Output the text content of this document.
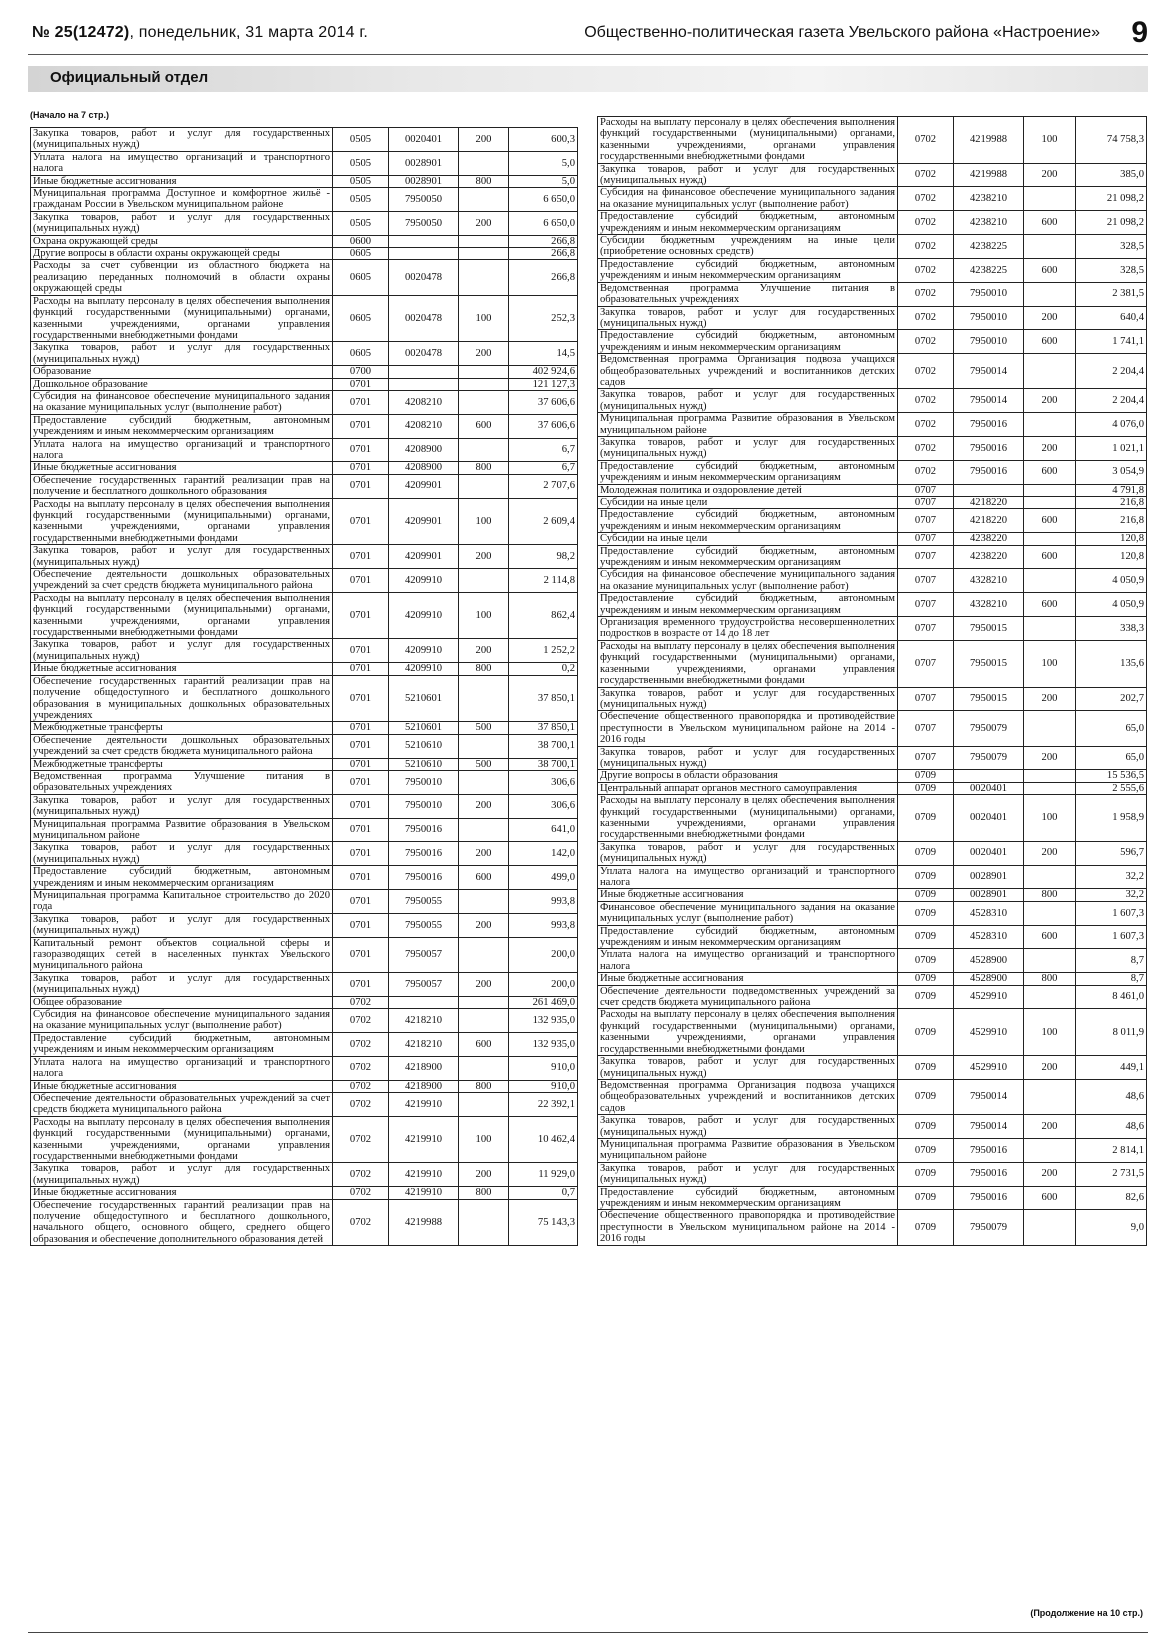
№ 25(12472), понедельник, 31 марта 2014 г.	Общественно-политическая газета Увельского района «Настроение» 9
Официальный отдел
(Начало на 7 стр.)
Закупка товаров, работ и услуг для государственных (муниципальных нужд)	0505	0020401	200	600,3
Уплата налога на имущество организаций и транспортного налога	0505	0028901		5,0
Иные бюджетные ассигнования	0505	0028901	800	5,0
Муниципальная программа Доступное и комфортное жильё - гражданам России в Увельском муниципальном районе	0505	7950050		6 650,0
Закупка товаров, работ и услуг для государственных (муниципальных нужд)	0505	7950050	200	6 650,0
Охрана окружающей среды	0600			266,8
Другие вопросы в области охраны окружающей среды	0605			266,8
Расходы за счет субвенции из областного бюджета на реализацию переданных полномочий в области охраны окружающей среды	0605	0020478		266,8
Расходы на выплату персоналу в целях обеспечения выполнения функций государственными (муниципальными) органами, казенными учреждениями, органами управления государственными внебюджетными фондами	0605	0020478	100	252,3
Закупка товаров, работ и услуг для государственных (муниципальных нужд)	0605	0020478	200	14,5
Образование	0700			402 924,6
Дошкольное образование	0701			121 127,3
Субсидия на финансовое обеспечение муниципального задания на оказание муниципальных услуг (выполнение работ)	0701	4208210		37 606,6
Предоставление субсидий бюджетным, автономным учреждениям и иным некоммерческим организациям	0701	4208210	600	37 606,6
Уплата налога на имущество организаций и транспортного налога	0701	4208900		6,7
Иные бюджетные ассигнования	0701	4208900	800	6,7
Обеспечение государственных гарантий реализации прав на получение и бесплатного дошкольного образования	0701	4209901		2 707,6
Расходы на выплату персоналу в целях обеспечения выполнения функций государственными (муниципальными) органами, казенными учреждениями, органами управления государственными внебюджетными фондами	0701	4209901	100	2 609,4
Закупка товаров, работ и услуг для государственных (муниципальных нужд)	0701	4209901	200	98,2
Обеспечение деятельности дошкольных образовательных учреждений за счет средств бюджета муниципального района	0701	4209910		2 114,8
Расходы на выплату персоналу в целях обеспечения выполнения функций государственными (муниципальными) органами, казенными учреждениями, органами управления государственными внебюджетными фондами	0701	4209910	100	862,4
Закупка товаров, работ и услуг для государственных (муниципальных нужд)	0701	4209910	200	1 252,2
Иные бюджетные ассигнования	0701	4209910	800	0,2
Обеспечение государственных гарантий реализации прав на получение общедоступного и бесплатного дошкольного образования в муниципальных дошкольных образовательных учреждениях	0701	5210601		37 850,1
Межбюджетные трансферты	0701	5210601	500	37 850,1
Обеспечение деятельности дошкольных образовательных учреждений за счет средств бюджета муниципального района	0701	5210610		38 700,1
Межбюджетные трансферты	0701	5210610	500	38 700,1
Ведомственная программа Улучшение питания в образовательных учреждениях	0701	7950010		306,6
Закупка товаров, работ и услуг для государственных (муниципальных нужд)	0701	7950010	200	306,6
Муниципальная программа Развитие образования в Увельском муниципальном районе	0701	7950016		641,0
Закупка товаров, работ и услуг для государственных (муниципальных нужд)	0701	7950016	200	142,0
Предоставление субсидий бюджетным, автономным учреждениям и иным некоммерческим организациям	0701	7950016	600	499,0
Муниципальная программа Капитальное строительство до 2020 года	0701	7950055		993,8
Закупка товаров, работ и услуг для государственных (муниципальных нужд)	0701	7950055	200	993,8
Капитальный ремонт объектов социальной сферы и газоразводящих сетей в населенных пунктах Увельского муниципального района	0701	7950057		200,0
Закупка товаров, работ и услуг для государственных (муниципальных нужд)	0701	7950057	200	200,0
Общее образование	0702			261 469,0
Субсидия на финансовое обеспечение муниципального задания на оказание муниципальных услуг (выполнение работ)	0702	4218210		132 935,0
Предоставление субсидий бюджетным, автономным учреждениям и иным некоммерческим организациям	0702	4218210	600	132 935,0
Уплата налога на имущество организаций и транспортного налога	0702	4218900		910,0
Иные бюджетные ассигнования	0702	4218900	800	910,0
Обеспечение деятельности образовательных учреждений за счет средств бюджета муниципального района	0702	4219910		22 392,1
Расходы на выплату персоналу в целях обеспечения выполнения функций государственными (муниципальными) органами, казенными учреждениями, органами управления государственными внебюджетными фондами	0702	4219910	100	10 462,4
Закупка товаров, работ и услуг для государственных (муниципальных нужд)	0702	4219910	200	11 929,0
Иные бюджетные ассигнования	0702	4219910	800	0,7
Обеспечение государственных гарантий реализации прав на получение общедоступного и бесплатного дошкольного, начального общего, основного общего, среднего общего образования и обеспечение дополнительного образования детей	0702	4219988		75 143,3
Расходы на выплату персоналу в целях обеспечения выполнения функций государственными (муниципальными) органами, казенными учреждениями, органами управления государственными внебюджетными фондами	0702	4219988	100	74 758,3
Закупка товаров, работ и услуг для государственных (муниципальных нужд)	0702	4219988	200	385,0
Субсидия на финансовое обеспечение муниципального задания на оказание муниципальных услуг (выполнение работ)	0702	4238210		21 098,2
Предоставление субсидий бюджетным, автономным учреждениям и иным некоммерческим организациям	0702	4238210	600	21 098,2
Субсидии бюджетным учреждениям на иные цели (приобретение основных средств)	0702	4238225		328,5
Предоставление субсидий бюджетным, автономным учреждениям и иным некоммерческим организациям	0702	4238225	600	328,5
Ведомственная программа Улучшение питания в образовательных учреждениях	0702	7950010		2 381,5
Закупка товаров, работ и услуг для государственных (муниципальных нужд)	0702	7950010	200	640,4
Предоставление субсидий бюджетным, автономным учреждениям и иным некоммерческим организациям	0702	7950010	600	1 741,1
Ведомственная программа Организация подвоза учащихся общеобразовательных учреждений и воспитанников детских садов	0702	7950014		2 204,4
Закупка товаров, работ и услуг для государственных (муниципальных нужд)	0702	7950014	200	2 204,4
Муниципальная программа Развитие образования в Увельском муниципальном районе	0702	7950016		4 076,0
Закупка товаров, работ и услуг для государственных (муниципальных нужд)	0702	7950016	200	1 021,1
Предоставление субсидий бюджетным, автономным учреждениям и иным некоммерческим организациям	0702	7950016	600	3 054,9
Молодежная политика и оздоровление детей	0707			4 791,8
Субсидии на иные цели	0707	4218220		216,8
Предоставление субсидий бюджетным, автономным учреждениям и иным некоммерческим организациям	0707	4218220	600	216,8
Субсидии на иные цели	0707	4238220		120,8
Предоставление субсидий бюджетным, автономным учреждениям и иным некоммерческим организациям	0707	4238220	600	120,8
Субсидия на финансовое обеспечение муниципального задания на оказание муниципальных услуг (выполнение работ)	0707	4328210		4 050,9
Предоставление субсидий бюджетным, автономным учреждениям и иным некоммерческим организациям	0707	4328210	600	4 050,9
Организация временного трудоустройства несовершеннолетних подростков в возрасте от 14 до 18 лет	0707	7950015		338,3
Расходы на выплату персоналу в целях обеспечения выполнения функций государственными (муниципальными) органами, казенными учреждениями, органами управления государственными внебюджетными фондами	0707	7950015	100	135,6
Закупка товаров, работ и услуг для государственных (муниципальных нужд)	0707	7950015	200	202,7
Обеспечение общественного правопорядка и противодействие преступности в Увельском муниципальном районе на 2014 - 2016 годы	0707	7950079		65,0
Закупка товаров, работ и услуг для государственных (муниципальных нужд)	0707	7950079	200	65,0
Другие вопросы в области образования	0709			15 536,5
Центральный аппарат органов местного самоуправления	0709	0020401		2 555,6
Расходы на выплату персоналу в целях обеспечения выполнения функций государственными (муниципальными) органами, казенными учреждениями, органами управления государственными внебюджетными фондами	0709	0020401	100	1 958,9
Закупка товаров, работ и услуг для государственных (муниципальных нужд)	0709	0020401	200	596,7
Уплата налога на имущество организаций и транспортного налога	0709	0028901		32,2
Иные бюджетные ассигнования	0709	0028901	800	32,2
Финансовое обеспечение муниципального задания на оказание муниципальных услуг (выполнение работ)	0709	4528310		1 607,3
Предоставление субсидий бюджетным, автономным учреждениям и иным некоммерческим организациям	0709	4528310	600	1 607,3
Уплата налога на имущество организаций и транспортного налога	0709	4528900		8,7
Иные бюджетные ассигнования	0709	4528900	800	8,7
Обеспечение деятельности подведомственных учреждений за счет средств бюджета муниципального района	0709	4529910		8 461,0
Расходы на выплату персоналу в целях обеспечения выполнения функций государственными (муниципальными) органами, казенными учреждениями, органами управления государственными внебюджетными фондами	0709	4529910	100	8 011,9
Закупка товаров, работ и услуг для государственных (муниципальных нужд)	0709	4529910	200	449,1
Ведомственная программа Организация подвоза учащихся общеобразовательных учреждений и воспитанников детских садов	0709	7950014		48,6
Закупка товаров, работ и услуг для государственных (муниципальных нужд)	0709	7950014	200	48,6
Муниципальная программа Развитие образования в Увельском муниципальном районе	0709	7950016		2 814,1
Закупка товаров, работ и услуг для государственных (муниципальных нужд)	0709	7950016	200	2 731,5
Предоставление субсидий бюджетным, автономным учреждениям и иным некоммерческим организациям	0709	7950016	600	82,6
Обеспечение общественного правопорядка и противодействие преступности в Увельском муниципальном районе на 2014 - 2016 годы	0709	7950079		9,0
(Продолжение на 10 стр.)
